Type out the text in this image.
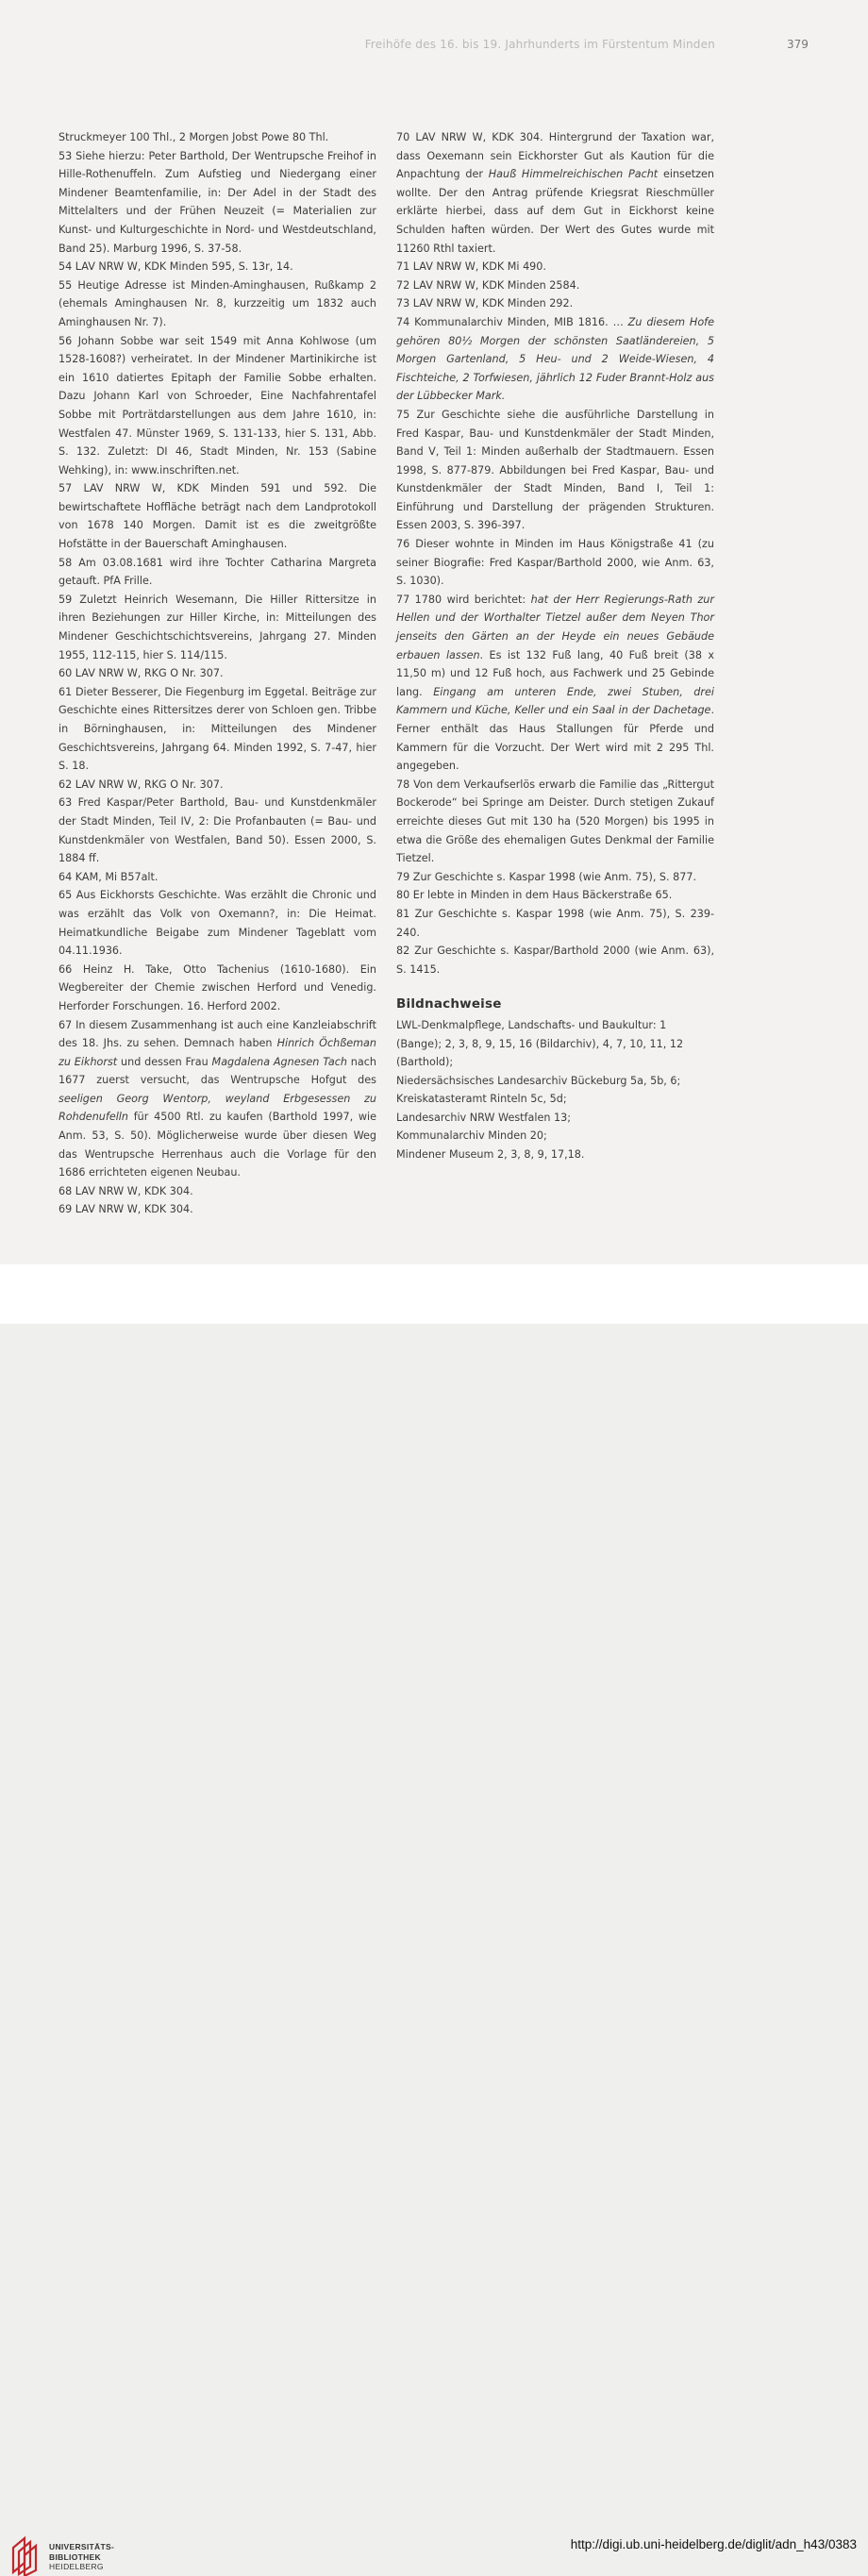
Freihöfe des 16. bis 19. Jahrhunderts im Fürstentum Minden	379

Struckmeyer 100 Thl., 2 Morgen Jobst Powe 80 Thl.

53 Siehe hierzu: Peter Barthold, Der Wentrupsche Freihof in Hille-Rothenuffeln. Zum Aufstieg und Niedergang einer Mindener Beamtenfamilie, in: Der Adel in der Stadt des Mittelalters und der Frühen Neuzeit (= Materialien zur Kunst- und Kulturgeschichte in Nord- und Westdeutschland, Band 25). Marburg 1996, S. 37-58.

54 LAV NRW W, KDK Minden 595, S. 13r, 14.

55 Heutige Adresse ist Minden-Aminghausen, Rußkamp 2 (ehemals Aminghausen Nr. 8, kurzzeitig um 1832 auch Aminghausen Nr. 7).

56 Johann Sobbe war seit 1549 mit Anna Kohlwose (um 1528-1608?) verheiratet. In der Mindener Martinikirche ist ein 1610 datiertes Epitaph der Familie Sobbe erhalten. Dazu Johann Karl von Schroeder, Eine Nachfahrentafel Sobbe mit Porträtdarstellungen aus dem Jahre 1610, in: Westfalen 47. Münster 1969, S. 131-133, hier S. 131, Abb. S. 132. Zuletzt: DI 46, Stadt Minden, Nr. 153 (Sabine Wehking), in: www.inschriften.net.

57 LAV NRW W, KDK Minden 591 und 592. Die bewirtschaftete Hoffläche beträgt nach dem Landprotokoll von 1678 140 Morgen. Damit ist es die zweitgrößte Hofstätte in der Bauerschaft Aminghausen.

58 Am 03.08.1681 wird ihre Tochter Catharina Margreta getauft. PfA Frille.

59 Zuletzt Heinrich Wesemann, Die Hiller Rittersitze in ihren Beziehungen zur Hiller Kirche, in: Mitteilungen des Mindener Geschichtschichtsvereins, Jahrgang 27. Minden 1955, 112-115, hier S. 114/115.

60 LAV NRW W, RKG O Nr. 307.

61 Dieter Besserer, Die Fiegenburg im Eggetal. Beiträge zur Geschichte eines Rittersitzes derer von Schloen gen. Tribbe in Börninghausen, in: Mitteilungen des Mindener Geschichtsvereins, Jahrgang 64. Minden 1992, S. 7-47, hier S. 18.

62 LAV NRW W, RKG O Nr. 307.

63 Fred Kaspar/Peter Barthold, Bau- und Kunstdenkmäler der Stadt Minden, Teil IV, 2: Die Profanbauten (= Bau- und Kunstdenkmäler von Westfalen, Band 50). Essen 2000, S. 1884 ff.

64 KAM, Mi B57alt.

65 Aus Eickhorsts Geschichte. Was erzählt die Chronic und was erzählt das Volk von Oxemann?, in: Die Heimat. Heimatkundliche Beigabe zum Mindener Tageblatt vom 04.11.1936.

66 Heinz H. Take, Otto Tachenius (1610-1680). Ein Wegbereiter der Chemie zwischen Herford und Venedig. Herforder Forschungen. 16. Herford 2002.

67 In diesem Zusammenhang ist auch eine Kanzleiabschrift des 18. Jhs. zu sehen. Demnach haben Hinrich Öchßeman zu Eikhorst und dessen Frau Magdalena Agnesen Tach nach 1677 zuerst versucht, das Wentrupsche Hofgut des seeligen Georg Wentorp, weyland Erbgesessen zu Rohdenufelln für 4500 Rtl. zu kaufen (Barthold 1997, wie Anm. 53, S. 50). Möglicherweise wurde über diesen Weg das Wentrupsche Herrenhaus auch die Vorlage für den 1686 errichteten eigenen Neubau.

68 LAV NRW W, KDK 304.

69 LAV NRW W, KDK 304.

70 LAV NRW W, KDK 304. Hintergrund der Taxation war, dass Oexemann sein Eickhorster Gut als Kaution für die Anpachtung der Hauß Himmelreichischen Pacht einsetzen wollte. Der den Antrag prüfende Kriegsrat Rieschmüller erklärte hierbei, dass auf dem Gut in Eickhorst keine Schulden haften würden. Der Wert des Gutes wurde mit 11260 Rthl taxiert.

71 LAV NRW W, KDK Mi 490.

72 LAV NRW W, KDK Minden 2584.

73 LAV NRW W, KDK Minden 292.

74 Kommunalarchiv Minden, MIB 1816. … Zu diesem Hofe gehören 80½ Morgen der schönsten Saatländereien, 5 Morgen Gartenland, 5 Heu- und 2 Weide-Wiesen, 4 Fischteiche, 2 Torfwiesen, jährlich 12 Fuder Brannt-Holz aus der Lübbecker Mark.

75 Zur Geschichte siehe die ausführliche Darstellung in Fred Kaspar, Bau- und Kunstdenkmäler der Stadt Minden, Band V, Teil 1: Minden außerhalb der Stadtmauern. Essen 1998, S. 877-879. Abbildungen bei Fred Kaspar, Bau- und Kunstdenkmäler der Stadt Minden, Band I, Teil 1: Einführung und Darstellung der prägenden Strukturen. Essen 2003, S. 396-397.

76 Dieser wohnte in Minden im Haus Königstraße 41 (zu seiner Biografie: Fred Kaspar/Barthold 2000, wie Anm. 63, S. 1030).

77 1780 wird berichtet: hat der Herr Regierungs-Rath zur Hellen und der Worthalter Tietzel außer dem Neyen Thor jenseits den Gärten an der Heyde ein neues Gebäude erbauen lassen. Es ist 132 Fuß lang, 40 Fuß breit (38 x 11,50 m) und 12 Fuß hoch, aus Fachwerk und 25 Gebinde lang. Eingang am unteren Ende, zwei Stuben, drei Kammern und Küche, Keller und ein Saal in der Dachetage. Ferner enthält das Haus Stallungen für Pferde und Kammern für die Vorzucht. Der Wert wird mit 2 295 Thl. angegeben.

78 Von dem Verkaufserlös erwarb die Familie das „Rittergut Bockerode“ bei Springe am Deister. Durch stetigen Zukauf erreichte dieses Gut mit 130 ha (520 Morgen) bis 1995 in etwa die Größe des ehemaligen Gutes Denkmal der Familie Tietzel.

79 Zur Geschichte s. Kaspar 1998 (wie Anm. 75), S. 877.

80 Er lebte in Minden in dem Haus Bäckerstraße 65.

81 Zur Geschichte s. Kaspar 1998 (wie Anm. 75), S. 239-240.

82 Zur Geschichte s. Kaspar/Barthold 2000 (wie Anm. 63), S. 1415.

Bildnachweise
LWL-Denkmalpflege, Landschafts- und Baukultur: 1 (Bange); 2, 3, 8, 9, 15, 16 (Bildarchiv), 4, 7, 10, 11, 12 (Barthold);
Niedersächsisches Landesarchiv Bückeburg 5a, 5b, 6;
Kreiskatasteramt Rinteln 5c, 5d;
Landesarchiv NRW Westfalen 13;
Kommunalarchiv Minden 20;
Mindener Museum 2, 3, 8, 9, 17,18.
UNIVERSITÄTS-
BIBLIOTHEK
HEIDELBERG
http://digi.ub.uni-heidelberg.de/diglit/adn_h43/0383
